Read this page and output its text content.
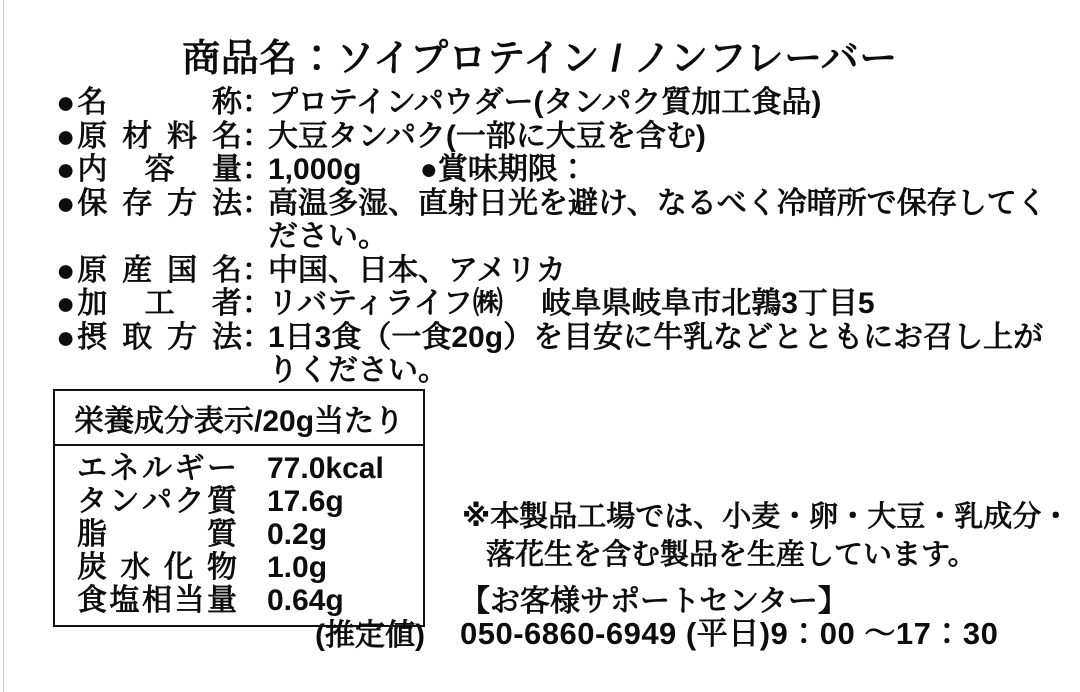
商品名：ソイプロテイン / ノンフレーバー
● 名	称 ：
プロテインパウダー(タンパク質加工食品)
● 原 材 料 名 ：
大豆タンパク(一部に大豆を含む)
● 内 容 量 ：
1,000g ●賞味期限：
● 保 存 方 法 ：
高温多湿、直射日光を避け、なるべく冷暗所で保存してく
ださい。
● 原 産 国 名 ：
中国、日本、アメリカ
● 加 工 者 ：
リバティライフ㈱　 岐阜県岐阜市北鶉3丁目5
● 摂 取 方 法 ：
1日3食（一食20g）を目安に牛乳などとともにお召し上が
りください。
栄養成分表示/20g当たり
エ ネ ル ギ ー 77.0kcal
タ ン パ ク 質 17.6g
脂	質 0.2g
炭 水 化 物 1.0g
食 塩 相 当 量 0.64g
(推定値)
※本製品工場では、小麦・卵・大豆・乳成分・
落花生を含む製品を生産しています。
【お客様サポートセンター】
050-6860-6949 (平日)9：00 ～17：30
